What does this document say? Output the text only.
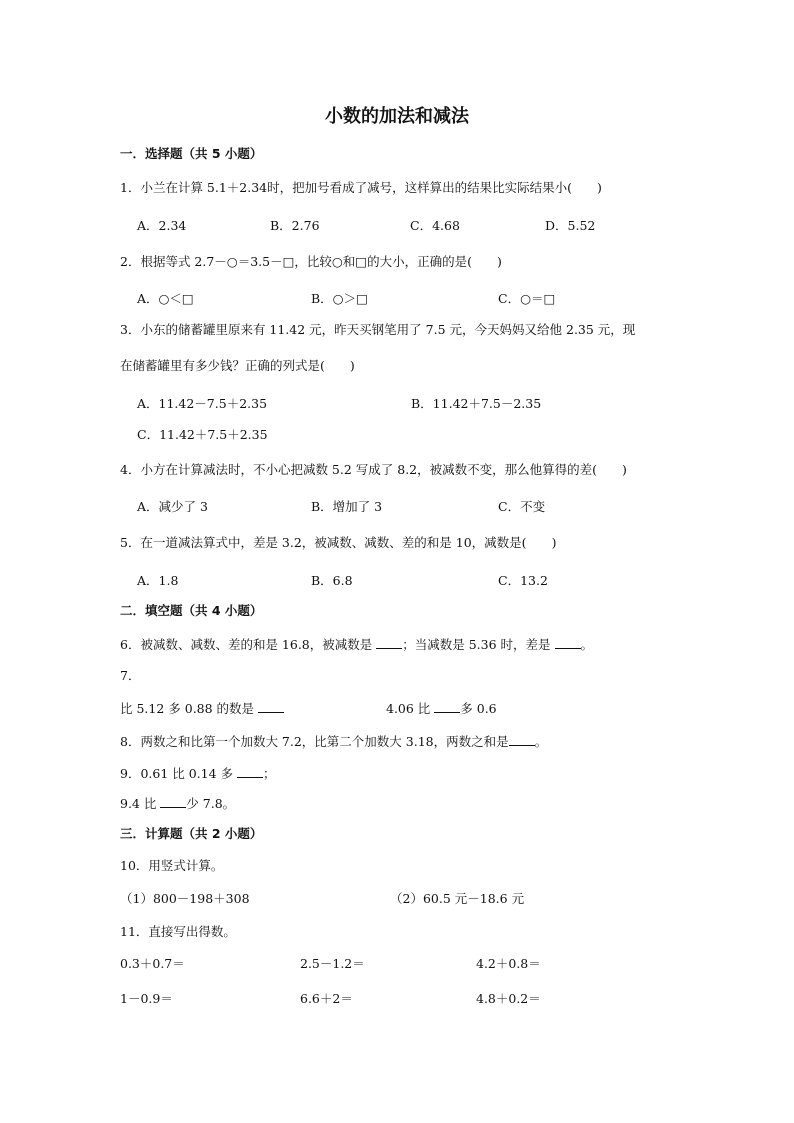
小数的加法和减法
一．选择题（共 5 小题）
1．小兰在计算 5.1＋2.34时，把加号看成了减号，这样算出的结果比实际结果小(　　)
A．2.34	B．2.76	C．4.68	D．5.52
2．根据等式 2.7－○＝3.5－□，比较○和□的大小，正确的是(　　)
A．○＜□	B．○＞□	C．○＝□
3．小东的储蓄罐里原来有 11.42 元，昨天买钢笔用了 7.5 元，今天妈妈又给他 2.35 元，现
在储蓄罐里有多少钱？正确的列式是(　　)
A．11.42－7.5＋2.35	B．11.42＋7.5－2.35
C．11.42＋7.5＋2.35
4．小方在计算减法时，不小心把减数 5.2 写成了 8.2，被减数不变，那么他算得的差(　　)
A．减少了 3	B．增加了 3	C．不变
5．在一道减法算式中，差是 3.2，被减数、减数、差的和是 10，减数是(　　)
A．1.8	B．6.8	C．13.2
二．填空题（共 4 小题）
6．被减数、减数、差的和是 16.8，被减数是 ；当减数是 5.36 时，差是 。
7．
比 5.12 多 0.88 的数是	4.06 比 多 0.6
8．两数之和比第一个加数大 7.2，比第二个加数大 3.18，两数之和是 。
9．0.61 比 0.14 多 ；
9.4 比 少 7.8。
三．计算题（共 2 小题）
10．用竖式计算。
（1）800－198＋308	（2）60.5 元－18.6 元
11．直接写出得数。
0.3＋0.7＝	2.5－1.2＝	4.2＋0.8＝
1－0.9＝	6.6＋2＝	4.8＋0.2＝
